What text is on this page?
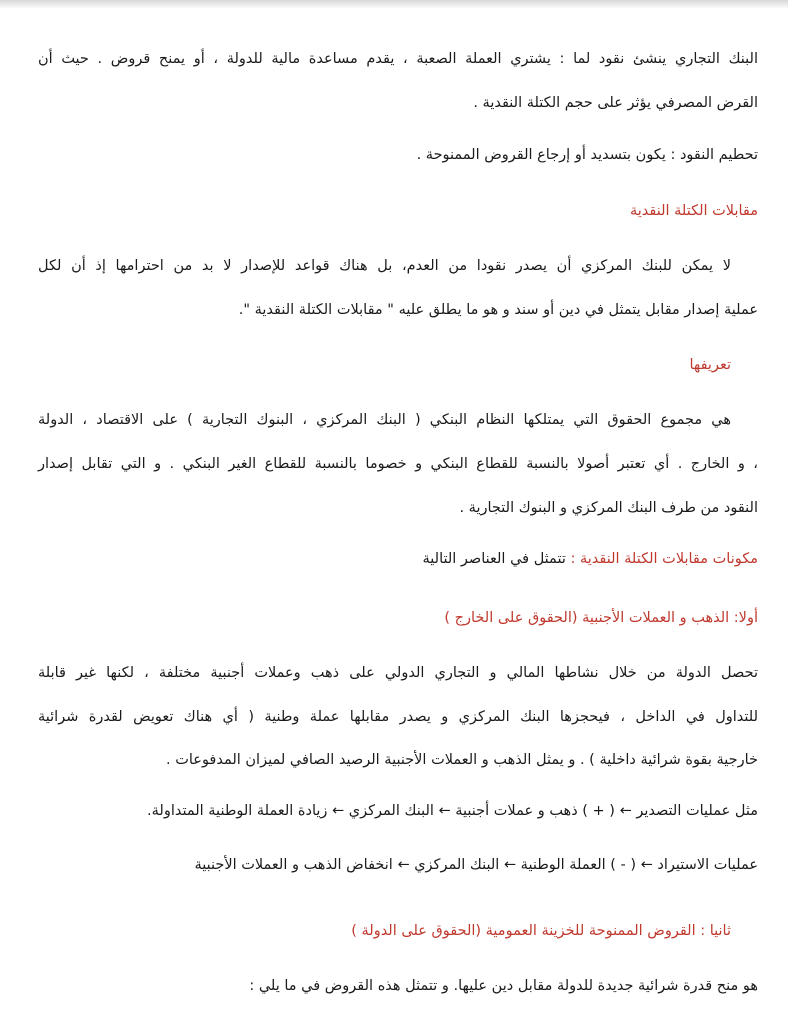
البنك التجاري ينشئ نقود لما : يشتري العملة الصعبة ، يقدم مساعدة مالية للدولة ، أو يمنح قروض . حيث أن
القرض المصرفي يؤثر على حجم الكتلة النقدية .
تحطيم النقود : يكون بتسديد أو إرجاع القروض الممنوحة .
مقابلات الكتلة النقدية
لا يمكن للبنك المركزي أن يصدر نقودا من العدم، بل هناك قواعد للإصدار لا بد من احترامها إذ أن لكل
عملية إصدار مقابل يتمثل في دين أو سند و هو ما يطلق عليه " مقابلات الكتلة النقدية ".
تعريفها
هي مجموع الحقوق التي يمتلكها النظام البنكي ( البنك المركزي ، البنوك التجارية ) على الاقتصاد ، الدولة
، و الخارج . أي تعتبر أصولا بالنسبة للقطاع البنكي و خصوما بالنسبة للقطاع الغير البنكي . و التي تقابل إصدار
النقود من طرف البنك المركزي و البنوك التجارية .
مكونات مقابلات الكتلة النقدية : تتمثل في العناصر التالية
أولا: الذهب و العملات الأجنبية (الحقوق على الخارج )
تحصل الدولة من خلال نشاطها المالي و التجاري الدولي على ذهب وعملات أجنبية مختلفة ، لكنها غير قابلة
للتداول في الداخل ، فيحجزها البنك المركزي و يصدر مقابلها عملة وطنية ( أي هناك تعويض لقدرة شرائية
خارجية بقوة شرائية داخلية ) . و يمثل الذهب و العملات الأجنبية الرصيد الصافي لميزان المدفوعات .
مثل عمليات التصدير ← ( + ) ذهب و عملات أجنبية ← البنك المركزي ← زيادة العملة الوطنية المتداولة.
عمليات الاستيراد ← ( - ) العملة الوطنية ← البنك المركزي ← انخفاض الذهب و العملات الأجنبية
ثانيا : القروض الممنوحة للخزينة العمومية (الحقوق على الدولة )
هو منح قدرة شرائية جديدة للدولة مقابل دين عليها. و تتمثل هذه القروض في ما يلي :
